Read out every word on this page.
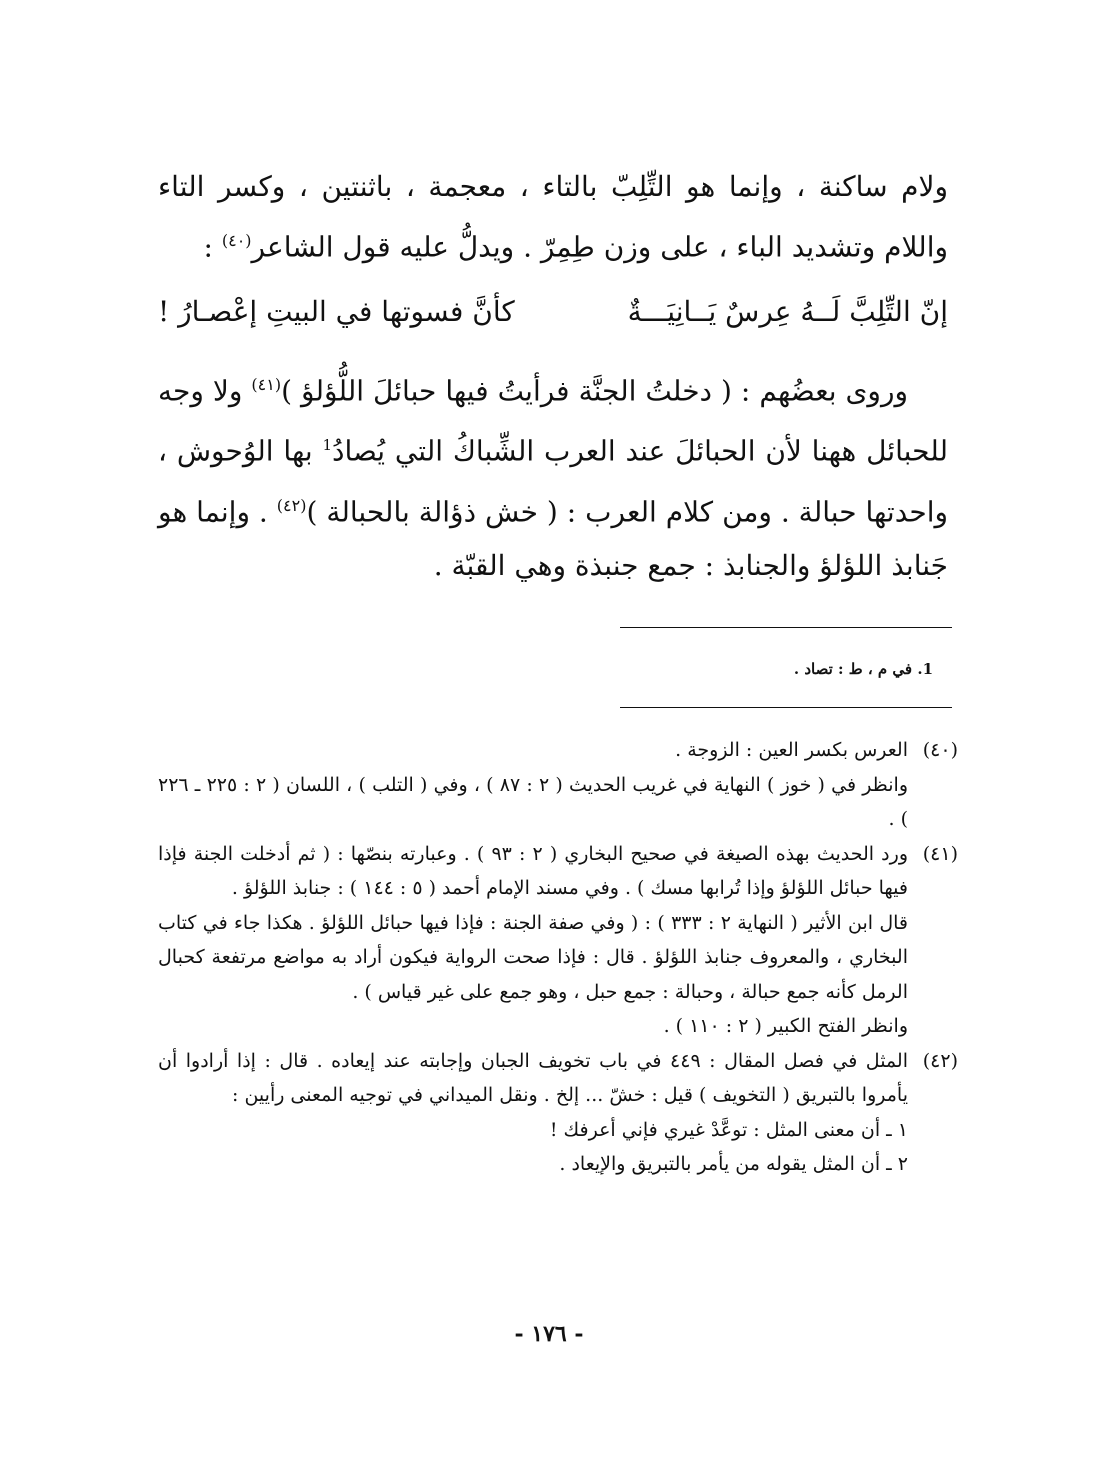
ولام ساكنة ، وإنما هو التِّلِبّ بالتاء ، معجمة ، باثنتين ، وكسر التاء واللام وتشديد الباء ، على وزن طِمِرّ . ويدلُّ عليه قول الشاعر$^{(٤٠)}$ :
إنّ التِّلِبَّ لَــهُ عِرسٌ يَــانِيَـــةٌ
كأنَّ فسوتها في البيتِ إعْصـارُ !
وروى بعضُهم : ( دخلتُ الجنَّة فرأيتُ فيها حبائلَ اللُّؤلؤ )$^{(٤١)}$ ولا وجه للحبائل ههنا لأن الحبائلَ عند العرب الشِّباكُ التي يُصادُ$^1$ بها الوُحوش ، واحدتها حبالة . ومن كلام العرب : ( خش ذؤالة بالحبالة )$^{(٤٢)}$ . وإنما هو جَنابذ اللؤلؤ والجنابذ : جمع جنبذة وهي القبّة .
1. في م ، ط : تصاد .
(٤٠)
العرس بكسر العين : الزوجة .
وانظر في ( خوز ) النهاية في غريب الحديث ( ٢ : ٨٧ ) ، وفي ( التلب ) ، اللسان ( ٢ : ٢٢٥ ـ ٢٢٦ ) .
(٤١)
ورد الحديث بهذه الصيغة في صحيح البخاري ( ٢ : ٩٣ ) . وعبارته بنصّها : ( ثم أدخلت الجنة فإذا فيها حبائل اللؤلؤ وإذا تُرابها مسك ) . وفي مسند الإمام أحمد ( ٥ : ١٤٤ ) : جنابذ اللؤلؤ .
قال ابن الأثير ( النهاية ٢ : ٣٣٣ ) : ( وفي صفة الجنة : فإذا فيها حبائل اللؤلؤ . هكذا جاء في كتاب البخاري ، والمعروف جنابذ اللؤلؤ . قال : فإذا صحت الرواية فيكون أراد به مواضع مرتفعة كحبال الرمل كأنه جمع حبالة ، وحبالة : جمع حبل ، وهو جمع على غير قياس ) .
وانظر الفتح الكبير ( ٢ : ١١٠ ) .
(٤٢)
المثل في فصل المقال : ٤٤٩ في باب تخويف الجبان وإجابته عند إيعاده . قال : إذا أرادوا أن يأمروا بالتبريق ( التخويف ) قيل : خشّ ... إلخ . ونقل الميداني في توجيه المعنى رأيين :
١ ـ أن معنى المثل : توعَّدْ غيري فإني أعرفك !
٢ ـ أن المثل يقوله من يأمر بالتبريق والإيعاد .
- ١٧٦ -
